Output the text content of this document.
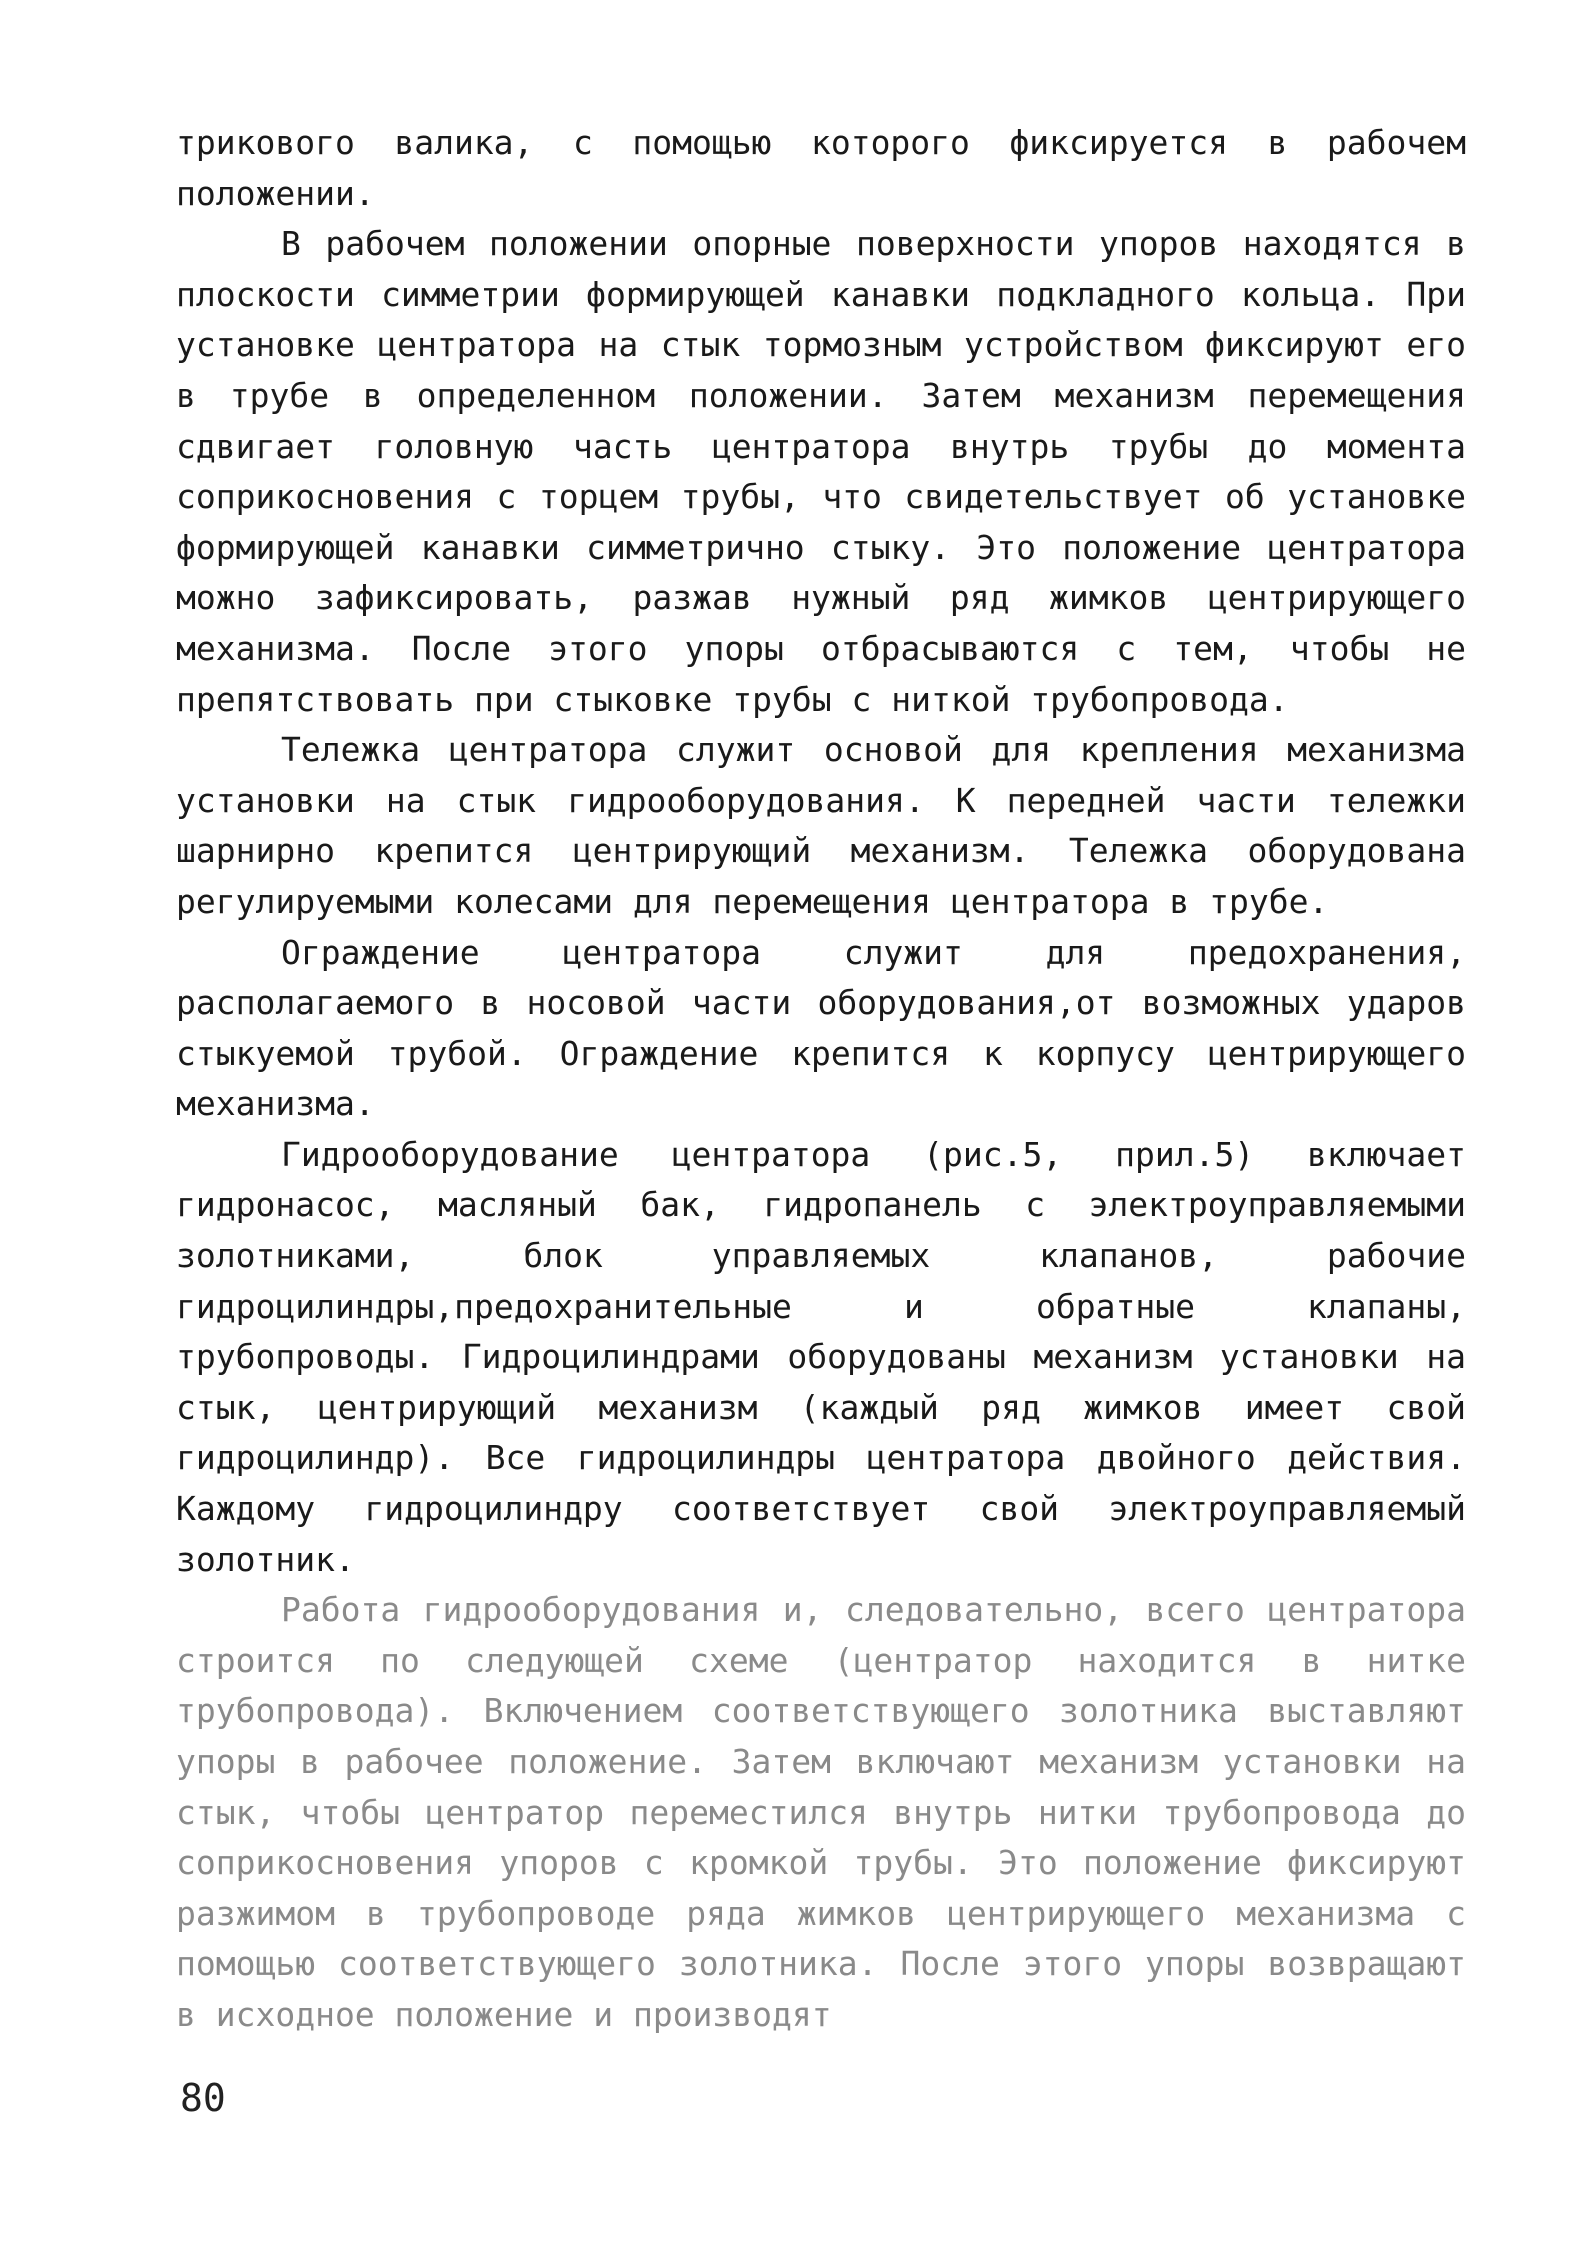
трикового валика, с помощью которого фиксируется в рабочем положении.

В рабочем положении опорные поверхности упоров находятся в плоскости симметрии формирующей канавки подкладного кольца. При установке центратора на стык тормозным устройством фиксируют его в трубе в определенном положении. Затем механизм перемещения сдвигает головную часть центратора внутрь трубы до момента соприкосновения с торцем трубы, что свидетельствует об установке формирующей канавки симметрично стыку. Это положение центратора можно зафиксировать, разжав нужный ряд жимков центрирующего механизма. После этого упоры отбрасываются с тем, чтобы не препятствовать при стыковке трубы с ниткой трубопровода.

Тележка центратора служит основой для крепления механизма установки на стык гидрооборудования. К передней части тележки шарнирно крепится центрирующий механизм. Тележка оборудована регулируемыми колесами для перемещения центратора в трубе.

Ограждение центратора служит для предохранения, располагаемого в носовой части оборудования,от возможных ударов стыкуемой трубой. Ограждение крепится к корпусу центрирующего механизма.

Гидрооборудование центратора (рис.5, прил.5) включает гидронасос, масляный бак, гидропанель с электроуправляемыми золотниками, блок управляемых клапанов, рабочие гидроцилиндры,предохранительные и обратные клапаны, трубопроводы. Гидроцилиндрами оборудованы механизм установки на стык, центрирующий механизм (каждый ряд жимков имеет свой гидроцилиндр). Все гидроцилиндры центратора двойного действия. Каждому гидроцилиндру соответствует свой электроуправляемый золотник.

Работа гидрооборудования и, следовательно, всего центратора строится по следующей схеме (центратор находится в нитке трубопровода). Включением соответствующего золотника выставляют упоры в рабочее положение. Затем включают механизм установки на стык, чтобы центратор переместился внутрь нитки трубопровода до соприкосновения упоров с кромкой трубы. Это положение фиксируют разжимом в трубопроводе ряда жимков центрирующего механизма с помощью соответствующего золотника. После этого упоры возвращают в исходное положение и производят

80
